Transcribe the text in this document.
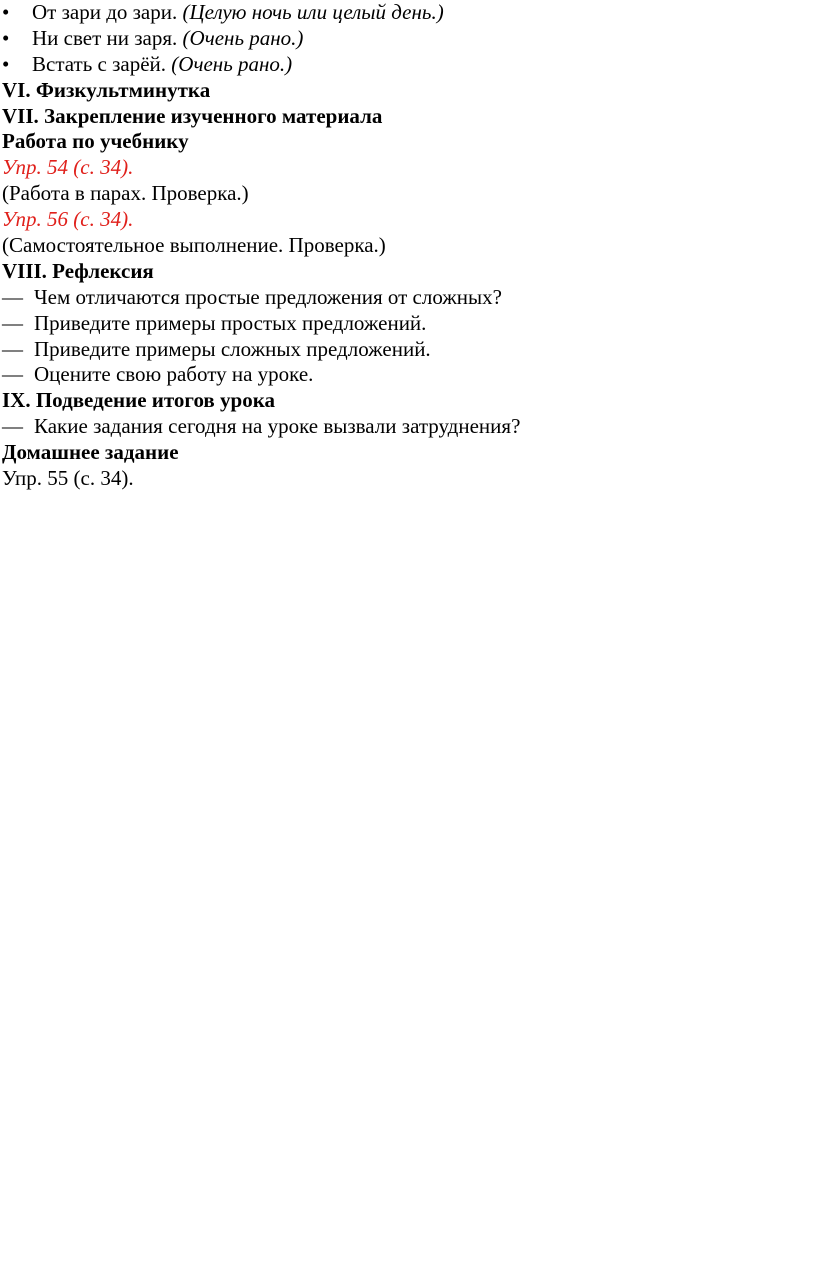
• От зари до зари. (Целую ночь или целый день.)
• Ни свет ни заря. (Очень рано.)
• Встать с зарёй. (Очень рано.)
VI. Физкультминутка
VII. Закрепление изученного материала
Работа по учебнику
Упр. 54 (с. 34).
(Работа в парах. Проверка.)
Упр. 56 (с. 34).
(Самостоятельное выполнение. Проверка.)
VIII. Рефлексия
— Чем отличаются простые предложения от сложных?
— Приведите примеры простых предложений.
— Приведите примеры сложных предложений.
— Оцените свою работу на уроке.
IX. Подведение итогов урока
— Какие задания сегодня на уроке вызвали затруднения?
Домашнее задание
Упр. 55 (с. 34).
